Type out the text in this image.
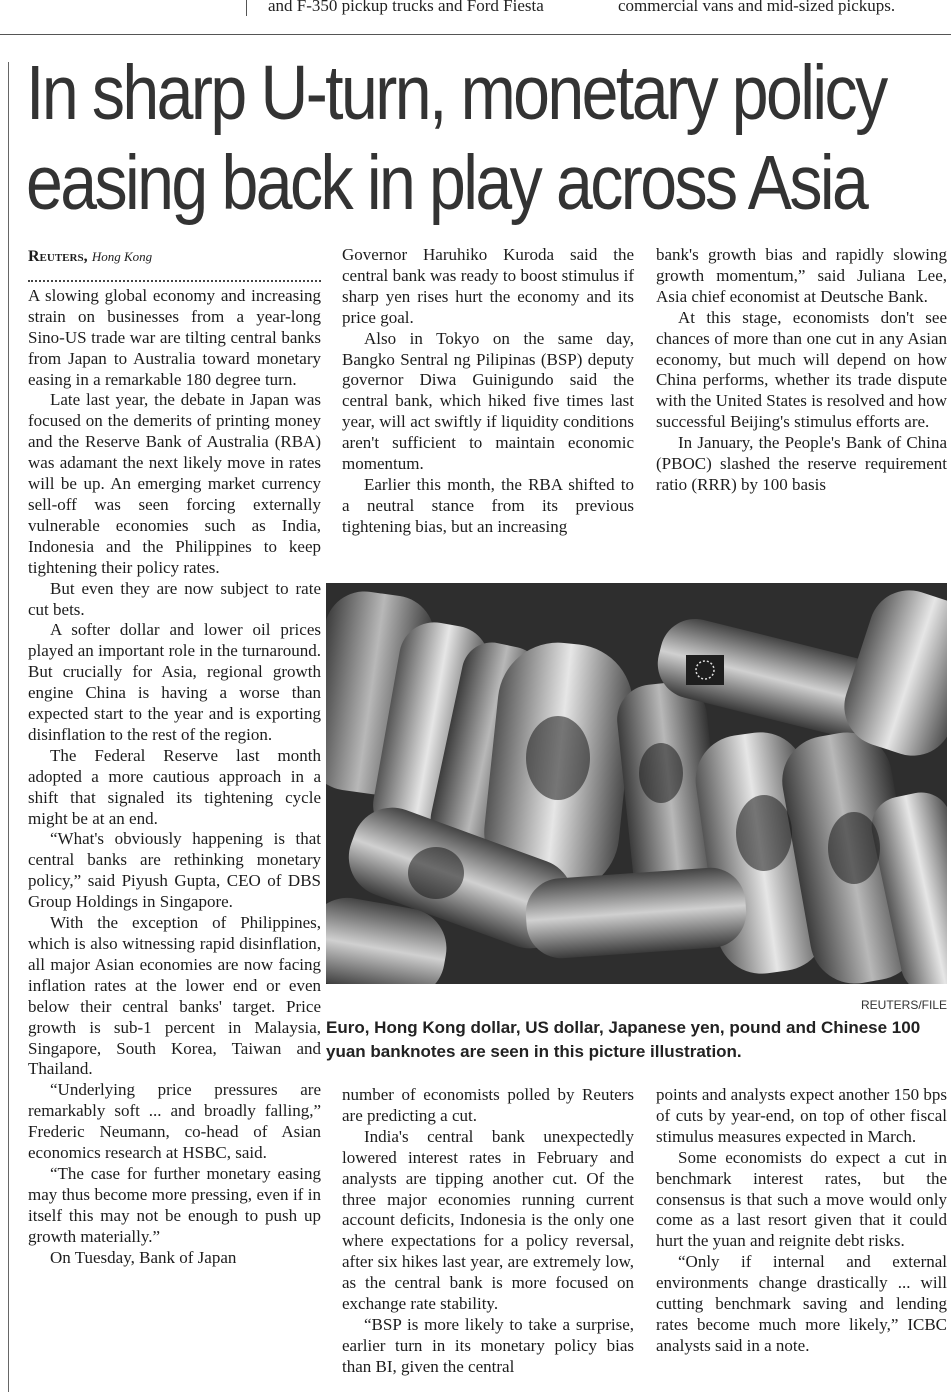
and F-350 pickup trucks and Ford Fiesta	commercial vans and mid-sized pickups.
In sharp U-turn, monetary policy
easing back in play across Asia

Reuters, Hong Kong

A slowing global economy and increasing strain on businesses from a year-long Sino-US trade war are tilting central banks from Japan to Australia toward monetary easing in a remarkable 180 degree turn.

Late last year, the debate in Japan was focused on the demerits of printing money and the Reserve Bank of Australia (RBA) was adamant the next likely move in rates will be up. An emerging market currency sell-off was seen forcing externally vulnerable economies such as India, Indonesia and the Philippines to keep tightening their policy rates.

But even they are now subject to rate cut bets.

A softer dollar and lower oil prices played an important role in the turnaround. But crucially for Asia, regional growth engine China is having a worse than expected start to the year and is exporting disinflation to the rest of the region.

The Federal Reserve last month adopted a more cautious approach in a shift that signaled its tightening cycle might be at an end.

“What's obviously happening is that central banks are rethinking monetary policy,” said Piyush Gupta, CEO of DBS Group Holdings in Singapore.

With the exception of Philippines, which is also witnessing rapid disinflation, all major Asian economies are now facing inflation rates at the lower end or even below their central banks' target. Price growth is sub-1 percent in Malaysia, Singapore, South Korea, Taiwan and Thailand.

“Underlying price pressures are remarkably soft ... and broadly falling,” Frederic Neumann, co-head of Asian economics research at HSBC, said.

“The case for further monetary easing may thus become more pressing, even if in itself this may not be enough to push up growth materially.”

On Tuesday, Bank of Japan

Governor Haruhiko Kuroda said the central bank was ready to boost stimulus if sharp yen rises hurt the economy and its price goal.

Also in Tokyo on the same day, Bangko Sentral ng Pilipinas (BSP) deputy governor Diwa Guinigundo said the central bank, which hiked five times last year, will act swiftly if liquidity conditions aren't sufficient to maintain economic momentum.

Earlier this month, the RBA shifted to a neutral stance from its previous tightening bias, but an increasing

bank's growth bias and rapidly slowing growth momentum,” said Juliana Lee, Asia chief economist at Deutsche Bank.

At this stage, economists don't see chances of more than one cut in any Asian economy, but much will depend on how China performs, whether its trade dispute with the United States is resolved and how successful Beijing's stimulus efforts are.

In January, the People's Bank of China (PBOC) slashed the reserve requirement ratio (RRR) by 100 basis

REUTERS/FILE

Euro, Hong Kong dollar, US dollar, Japanese yen, pound and Chinese 100 yuan banknotes are seen in this picture illustration.

number of economists polled by Reuters are predicting a cut.

India's central bank unexpectedly lowered interest rates in February and analysts are tipping another cut. Of the three major economies running current account deficits, Indonesia is the only one where expectations for a policy reversal, after six hikes last year, are extremely low, as the central bank is more focused on exchange rate stability.

“BSP is more likely to take a surprise, earlier turn in its monetary policy bias than BI, given the central

points and analysts expect another 150 bps of cuts by year-end, on top of other fiscal stimulus measures expected in March.

Some economists do expect a cut in benchmark interest rates, but the consensus is that such a move would only come as a last resort given that it could hurt the yuan and reignite debt risks.

“Only if internal and external environments change drastically ... will cutting benchmark saving and lending rates become much more likely,” ICBC analysts said in a note.
